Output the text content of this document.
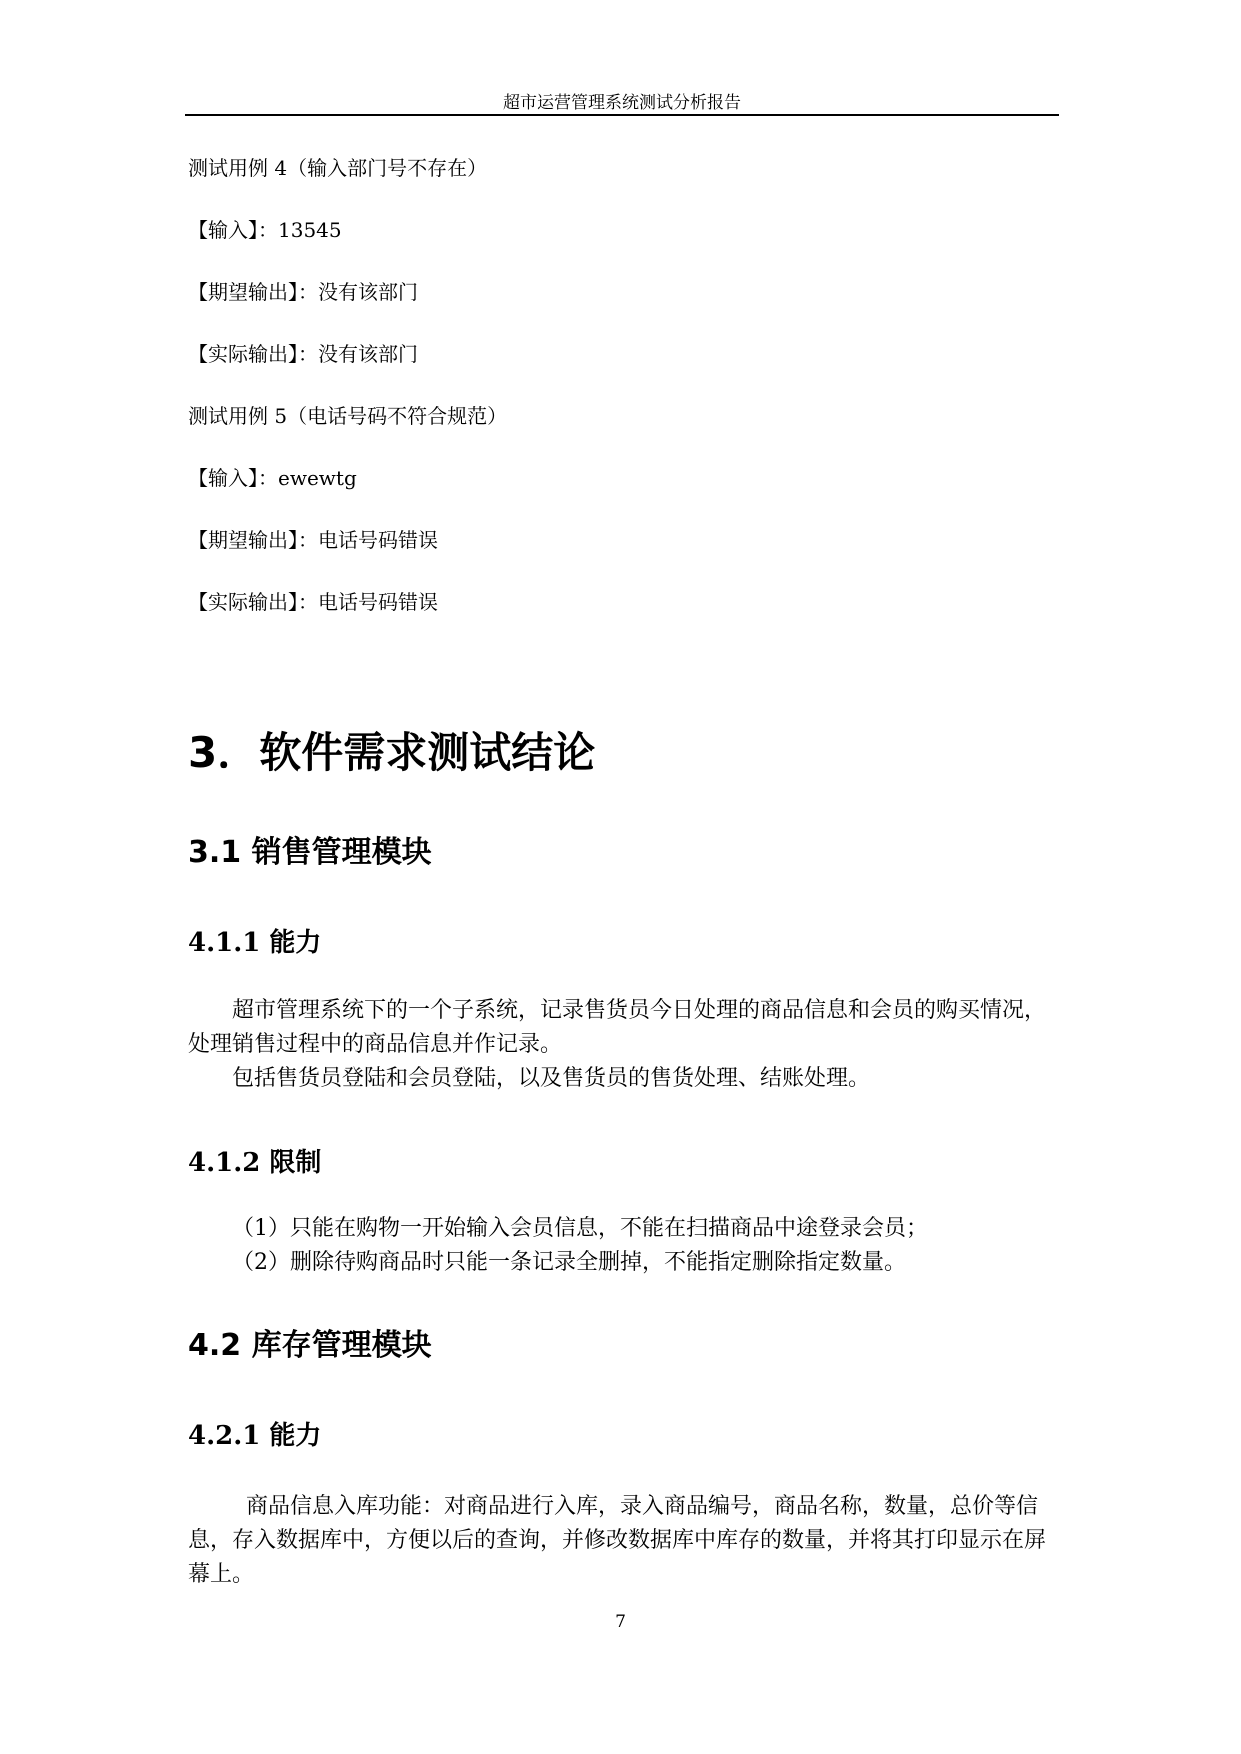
超市运营管理系统测试分析报告
测试用例 4（输入部门号不存在）
【输入】：13545
【期望输出】：没有该部门
【实际输出】：没有该部门
测试用例 5（电话号码不符合规范）
【输入】：ewewtg
【期望输出】：电话号码错误
【实际输出】：电话号码错误
3．软件需求测试结论
3.1 销售管理模块
4.1.1 能力
超市管理系统下的一个子系统，记录售货员今日处理的商品信息和会员的购买情况，处理销售过程中的商品信息并作记录。
包括售货员登陆和会员登陆，以及售货员的售货处理、结账处理。
4.1.2 限制
（1）只能在购物一开始输入会员信息，不能在扫描商品中途登录会员；
（2）删除待购商品时只能一条记录全删掉，不能指定删除指定数量。
4.2 库存管理模块
4.2.1 能力
商品信息入库功能：对商品进行入库，录入商品编号，商品名称，数量，总价等信息，存入数据库中，方便以后的查询，并修改数据库中库存的数量，并将其打印显示在屏幕上。
7
